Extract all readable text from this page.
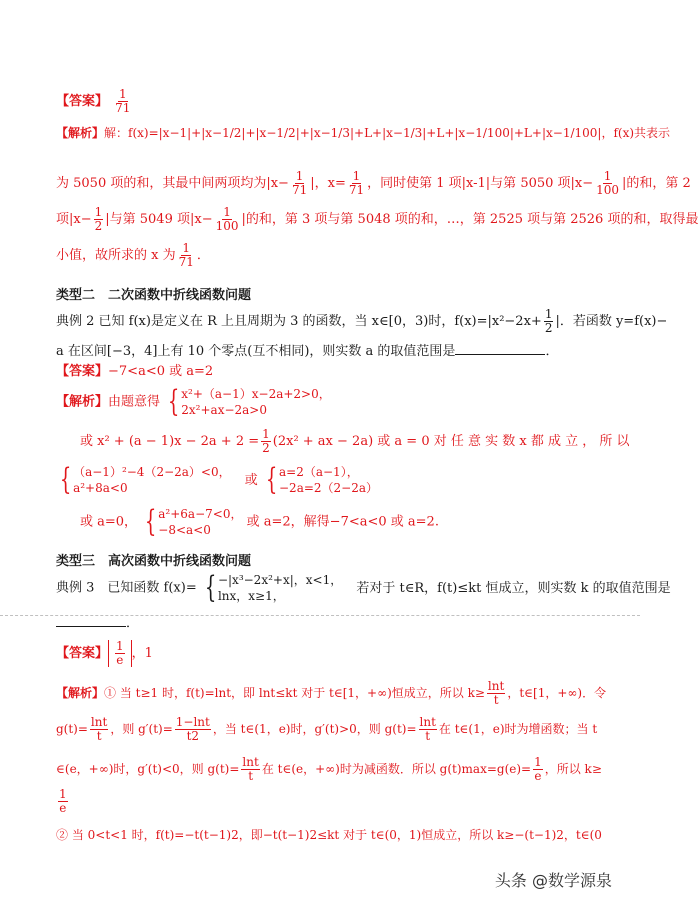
【答案】 $\frac{1}{71}$
【解析】解：f(x)=|x−1|+|x−1/2|+|x−1/2|+|x−1/3|+L+|x−1/3|+L+|x−1/100|+L+|x−1/100|，f(x)共表示
为 5050 项的和，其最中间两项均为$|x- \frac{1}{71}$ |，$x= \frac{1}{71}$ ，同时使第 1 项|x-1|与第 5050 项$|x- \frac{1}{100}$ |的和，第 2
项$|x- \frac{1}{2}$ |与第 5049 项$|x- \frac{1}{100}$ |的和，第 3 项与第 5048 项的和，…，第 2525 项与第 2526 项的和，取得最
小值，故所求的 x 为 $\frac{1}{71}$ ．
类型二　二次函数中折线函数问题
典例 2 已知 f(x)是定义在 R 上且周期为 3 的函数，当 x∈[0，3)时，$f(x)=|x^2-2x+ \frac{1}{2}$ |．若函数 y=f(x)−
a 在区间[−3，4]上有 10 个零点(互不相同)，则实数 a 的取值范围是	．
【答案】−7<a<0 或 a=2
【解析】由题意得 { x²+（a−1）x−2a+2>0，
2x²+ax−2a>0
或 $x^2 + (a - 1)x - 2a + 2 = \frac{1}{2} (2x^2$ + ax − 2a) 或 a = 0 对 任 意 实 数 x 都 成 立 ， 所 以
{ （a−1）²−4（2−2a）<0，
a²+8a<0
或 { a=2（a−1），
−2a=2（2−2a）
或 a=0， { a²+6a−7<0，
−8<a<0
或 a=2，解得−7<a<0 或 a=2.
类型三　高次函数中折线函数问题
典例 3　已知函数 f(x)= { −|x³−2x²+x|，x<1，
lnx，x≥1，
若对于 t∈R，f(t)≤kt 恒成立，则实数 k 的取值范围是
．
【答案】 $\frac{1}{e}$ ，1
【解析】① 当 t≥1 时，f(t)=lnt，即 lnt≤kt 对于 t∈[1，+∞)恒成立，所以 $k\ge \frac{\ln t}{t}$ ，t∈[1，+∞)．令
$g(t)= \frac{\ln t}{t}$ ，则 $g'(t)= \frac{1-\ln t}{t2}$ ，当 t∈(1，e)时，g′(t)>0，则 $g(t)= \frac{\ln t}{t}$ 在 t∈(1，e)时为增函数；当 t
∈(e，+∞)时，g′(t)<0，则 $g(t)= \frac{\ln t}{t}$ 在 t∈(e，+∞)时为减函数．所以 $g(t)\max=g(e)= \frac{1}{e}$ ，所以 k≥
$\frac{1}{e}$
② 当 0<t<1 时，f(t)=−t(t−1)2，即−t(t−1)2≤kt 对于 t∈(0，1)恒成立，所以 k≥−(t−1)2，t∈(0
头条 @数学源泉
